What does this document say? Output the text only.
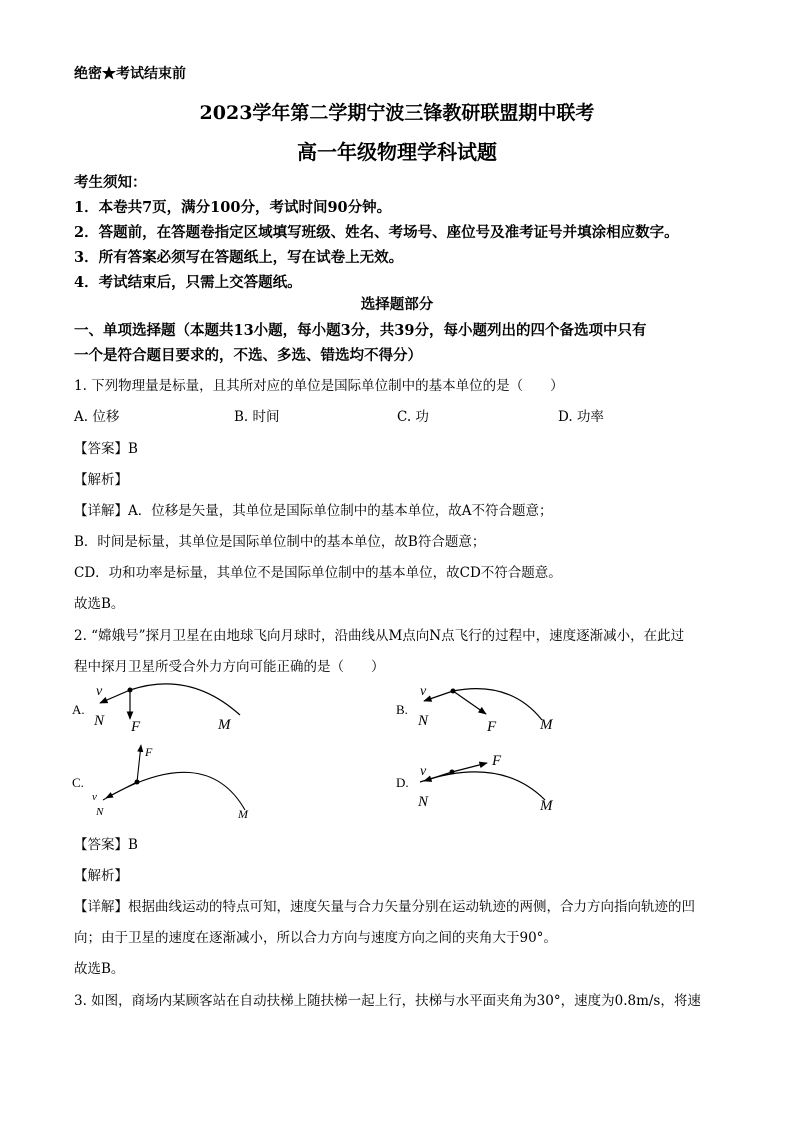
绝密★考试结束前
2023学年第二学期宁波三锋教研联盟期中联考
高一年级物理学科试题
考生须知：
1．本卷共7页，满分100分，考试时间90分钟。
2．答题前，在答题卷指定区域填写班级、姓名、考场号、座位号及准考证号并填涂相应数字。
3．所有答案必须写在答题纸上，写在试卷上无效。
4．考试结束后，只需上交答题纸。
选择题部分
一、单项选择题（本题共13小题，每小题3分，共39分，每小题列出的四个备选项中只有
一个是符合题目要求的，不选、多选、错选均不得分）
1. 下列物理量是标量，且其所对应的单位是国际单位制中的基本单位的是（　　）
A. 位移	B. 时间	C. 功	D. 功率
【答案】B
【解析】
【详解】A．位移是矢量，其单位是国际单位制中的基本单位，故A不符合题意；
B．时间是标量，其单位是国际单位制中的基本单位，故B符合题意；
CD．功和功率是标量，其单位不是国际单位制中的基本单位，故CD不符合题意。
故选B。
2. “嫦娥号”探月卫星在由地球飞向月球时，沿曲线从M点向N点飞行的过程中，速度逐渐减小，在此过
程中探月卫星所受合外力方向可能正确的是（　　）
A.
v
N F	M
v
N	F	M
v
N
F
M
v
N
F
M
B.
C.	D.
【答案】B
【解析】
【详解】根据曲线运动的特点可知，速度矢量与合力矢量分别在运动轨迹的两侧，合力方向指向轨迹的凹
向；由于卫星的速度在逐渐减小，所以合力方向与速度方向之间的夹角大于90°。
故选B。
3. 如图，商场内某顾客站在自动扶梯上随扶梯一起上行，扶梯与水平面夹角为30°，速度为0.8m/s，将速
